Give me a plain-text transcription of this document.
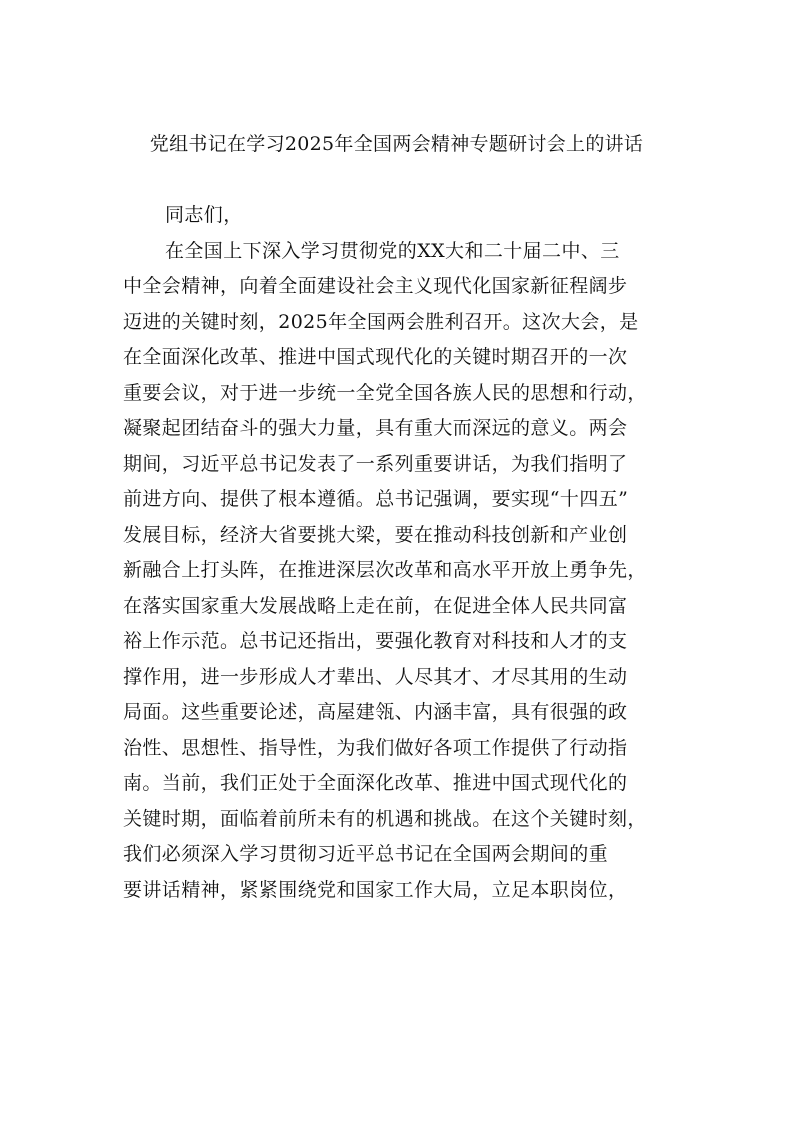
党组书记在学习2025年全国两会精神专题研讨会上的讲话
同志们，
在全国上下深入学习贯彻党的XX大和二十届二中、三
中全会精神，向着全面建设社会主义现代化国家新征程阔步
迈进的关键时刻，2025年全国两会胜利召开。这次大会，是
在全面深化改革、推进中国式现代化的关键时期召开的一次
重要会议，对于进一步统一全党全国各族人民的思想和行动，
凝聚起团结奋斗的强大力量，具有重大而深远的意义。两会
期间，习近平总书记发表了一系列重要讲话，为我们指明了
前进方向、提供了根本遵循。总书记强调，要实现“十四五”
发展目标，经济大省要挑大梁，要在推动科技创新和产业创
新融合上打头阵，在推进深层次改革和高水平开放上勇争先，
在落实国家重大发展战略上走在前，在促进全体人民共同富
裕上作示范。总书记还指出，要强化教育对科技和人才的支
撑作用，进一步形成人才辈出、人尽其才、才尽其用的生动
局面。这些重要论述，高屋建瓴、内涵丰富，具有很强的政
治性、思想性、指导性，为我们做好各项工作提供了行动指
南。当前，我们正处于全面深化改革、推进中国式现代化的
关键时期，面临着前所未有的机遇和挑战。在这个关键时刻，
我们必须深入学习贯彻习近平总书记在全国两会期间的重
要讲话精神，紧紧围绕党和国家工作大局，立足本职岗位，
